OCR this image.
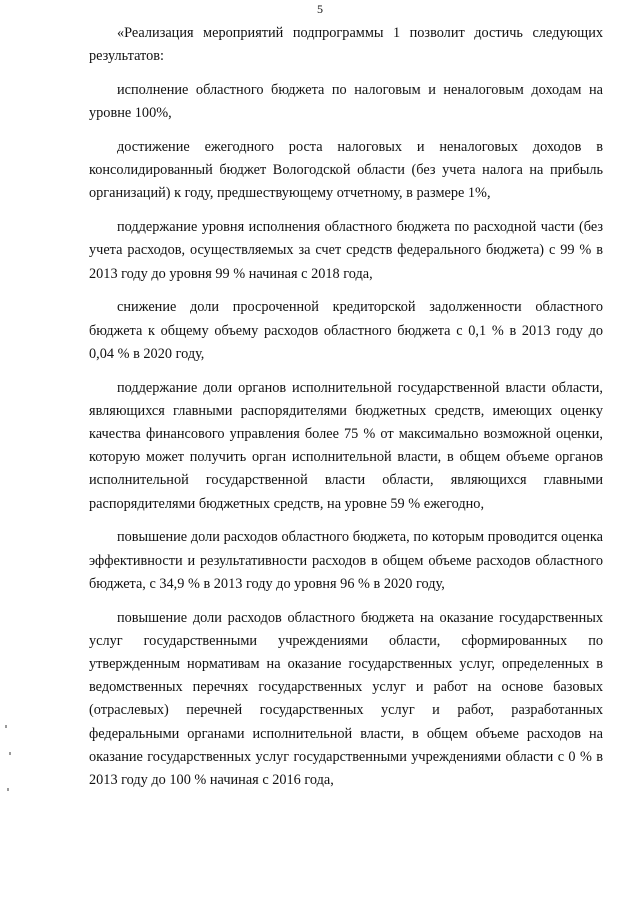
5

«Реализация мероприятий подпрограммы 1 позволит достичь следующих результатов:

исполнение областного бюджета по налоговым и неналоговым доходам на уровне 100%,

достижение ежегодного роста налоговых и неналоговых доходов в консолидированный бюджет Вологодской области (без учета налога на прибыль организаций) к году, предшествующему отчетному, в размере 1%,

поддержание уровня исполнения областного бюджета по расходной части (без учета расходов, осуществляемых за счет средств федерального бюджета) с 99 % в 2013 году до уровня 99 % начиная с 2018 года,

снижение доли просроченной кредиторской задолженности областного бюджета к общему объему расходов областного бюджета с 0,1 % в 2013 году до 0,04 % в 2020 году,

поддержание доли органов исполнительной государственной власти области, являющихся главными распорядителями бюджетных средств, имеющих оценку качества финансового управления более 75 % от максимально возможной оценки, которую может получить орган исполнительной власти, в общем объеме органов исполнительной государственной власти области, являющихся главными распорядителями бюджетных средств, на уровне 59 % ежегодно,

повышение доли расходов областного бюджета, по которым проводится оценка эффективности и результативности расходов в общем объеме расходов областного бюджета, с 34,9 % в 2013 году до уровня 96 % в 2020 году,

повышение доли расходов областного бюджета на оказание государственных услуг государственными учреждениями области, сформированных по утвержденным нормативам на оказание государственных услуг, определенных в ведомственных перечнях государственных услуг и работ на основе базовых (отраслевых) перечней государственных услуг и работ, разработанных федеральными органами исполнительной власти, в общем объеме расходов на оказание государственных услуг государственными учреждениями области с 0 % в 2013 году до 100 % начиная с 2016 года,
